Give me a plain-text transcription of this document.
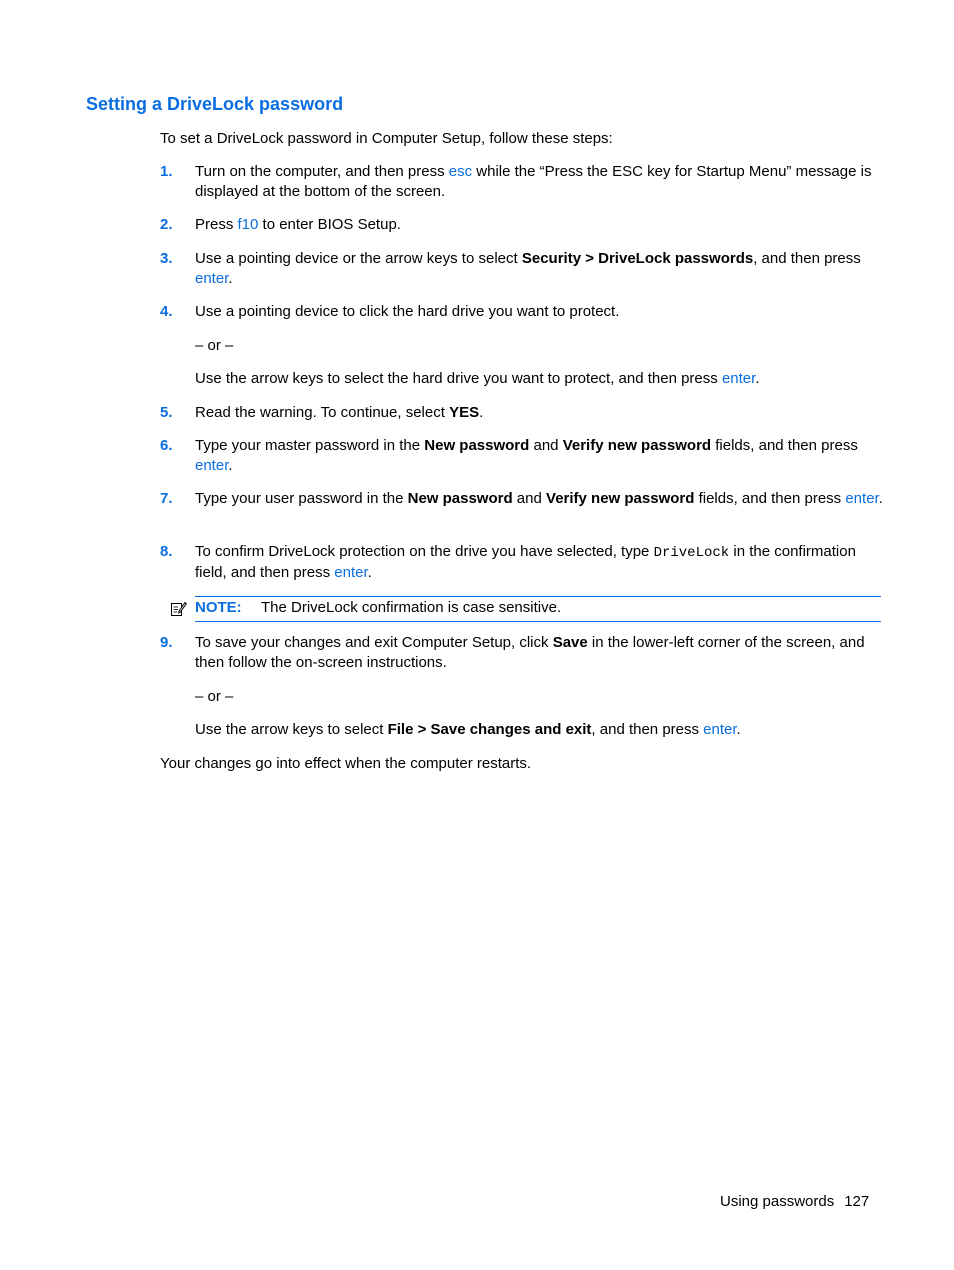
Setting a DriveLock password

To set a DriveLock password in Computer Setup, follow these steps:

1. Turn on the computer, and then press esc while the “Press the ESC key for Startup Menu” message is displayed at the bottom of the screen.
2. Press f10 to enter BIOS Setup.
3. Use a pointing device or the arrow keys to select Security > DriveLock passwords, and then press enter.
4. Use a pointing device to click the hard drive you want to protect.
– or –
Use the arrow keys to select the hard drive you want to protect, and then press enter.
5. Read the warning. To continue, select YES.
6. Type your master password in the New password and Verify new password fields, and then press enter.
7. Type your user password in the New password and Verify new password fields, and then press enter.
8. To confirm DriveLock protection on the drive you have selected, type DriveLock in the confirmation field, and then press enter.
NOTE: The DriveLock confirmation is case sensitive.
9. To save your changes and exit Computer Setup, click Save in the lower-left corner of the screen, and then follow the on-screen instructions.
– or –
Use the arrow keys to select File > Save changes and exit, and then press enter.

Your changes go into effect when the computer restarts.

Using passwords 127
